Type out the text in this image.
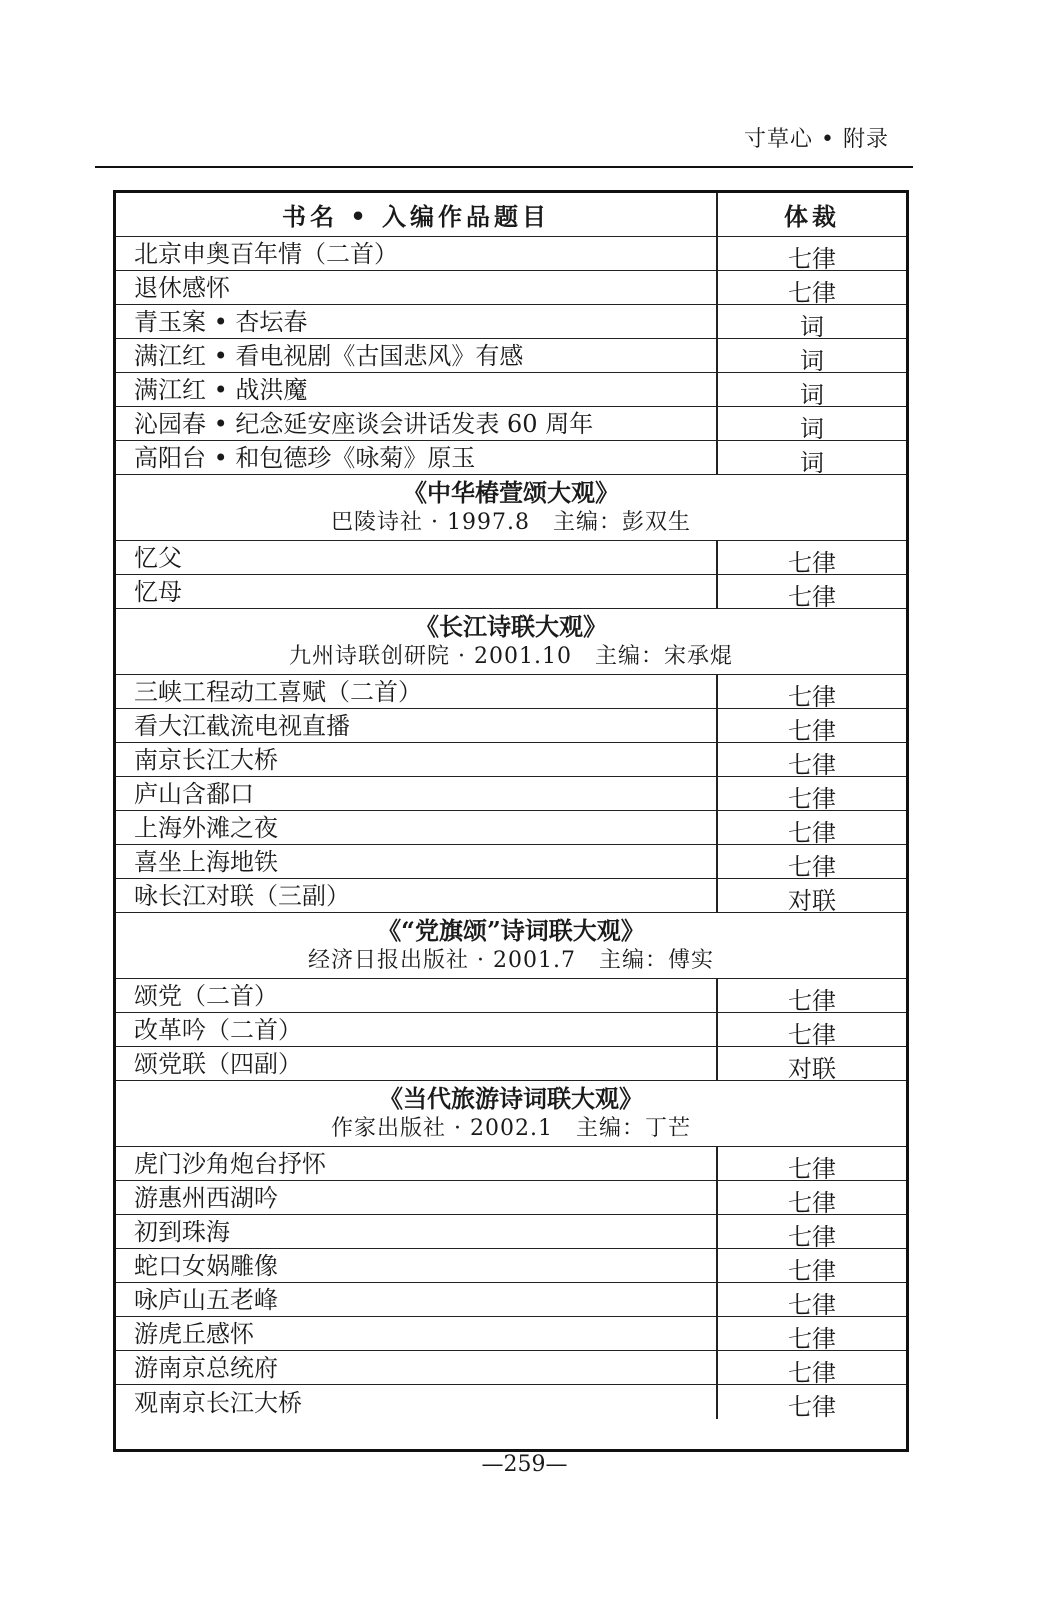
寸草心 • 附录
书名 • 入编作品题目	体裁
北京申奥百年情（二首）	七律
退休感怀	七律
青玉案 • 杏坛春	词
满江红 • 看电视剧《古国悲风》有感	词
满江红 • 战洪魔	词
沁园春 • 纪念延安座谈会讲话发表 60 周年	词
高阳台 • 和包德珍《咏菊》原玉	词
《中华椿萱颂大观》
巴陵诗社 · 1997.8　主编：彭双生
忆父	七律
忆母	七律
《长江诗联大观》
九州诗联创研院 · 2001.10　主编：宋承焜
三峡工程动工喜赋（二首）	七律
看大江截流电视直播	七律
南京长江大桥	七律
庐山含鄱口	七律
上海外滩之夜	七律
喜坐上海地铁	七律
咏长江对联（三副）	对联
《“党旗颂”诗词联大观》
经济日报出版社 · 2001.7　主编：傅实
颂党（二首）	七律
改革吟（二首）	七律
颂党联（四副）	对联
《当代旅游诗词联大观》
作家出版社 · 2002.1　主编：丁芒
虎门沙角炮台抒怀	七律
游惠州西湖吟	七律
初到珠海	七律
蛇口女娲雕像	七律
咏庐山五老峰	七律
游虎丘感怀	七律
游南京总统府	七律
观南京长江大桥	七律
—259—
